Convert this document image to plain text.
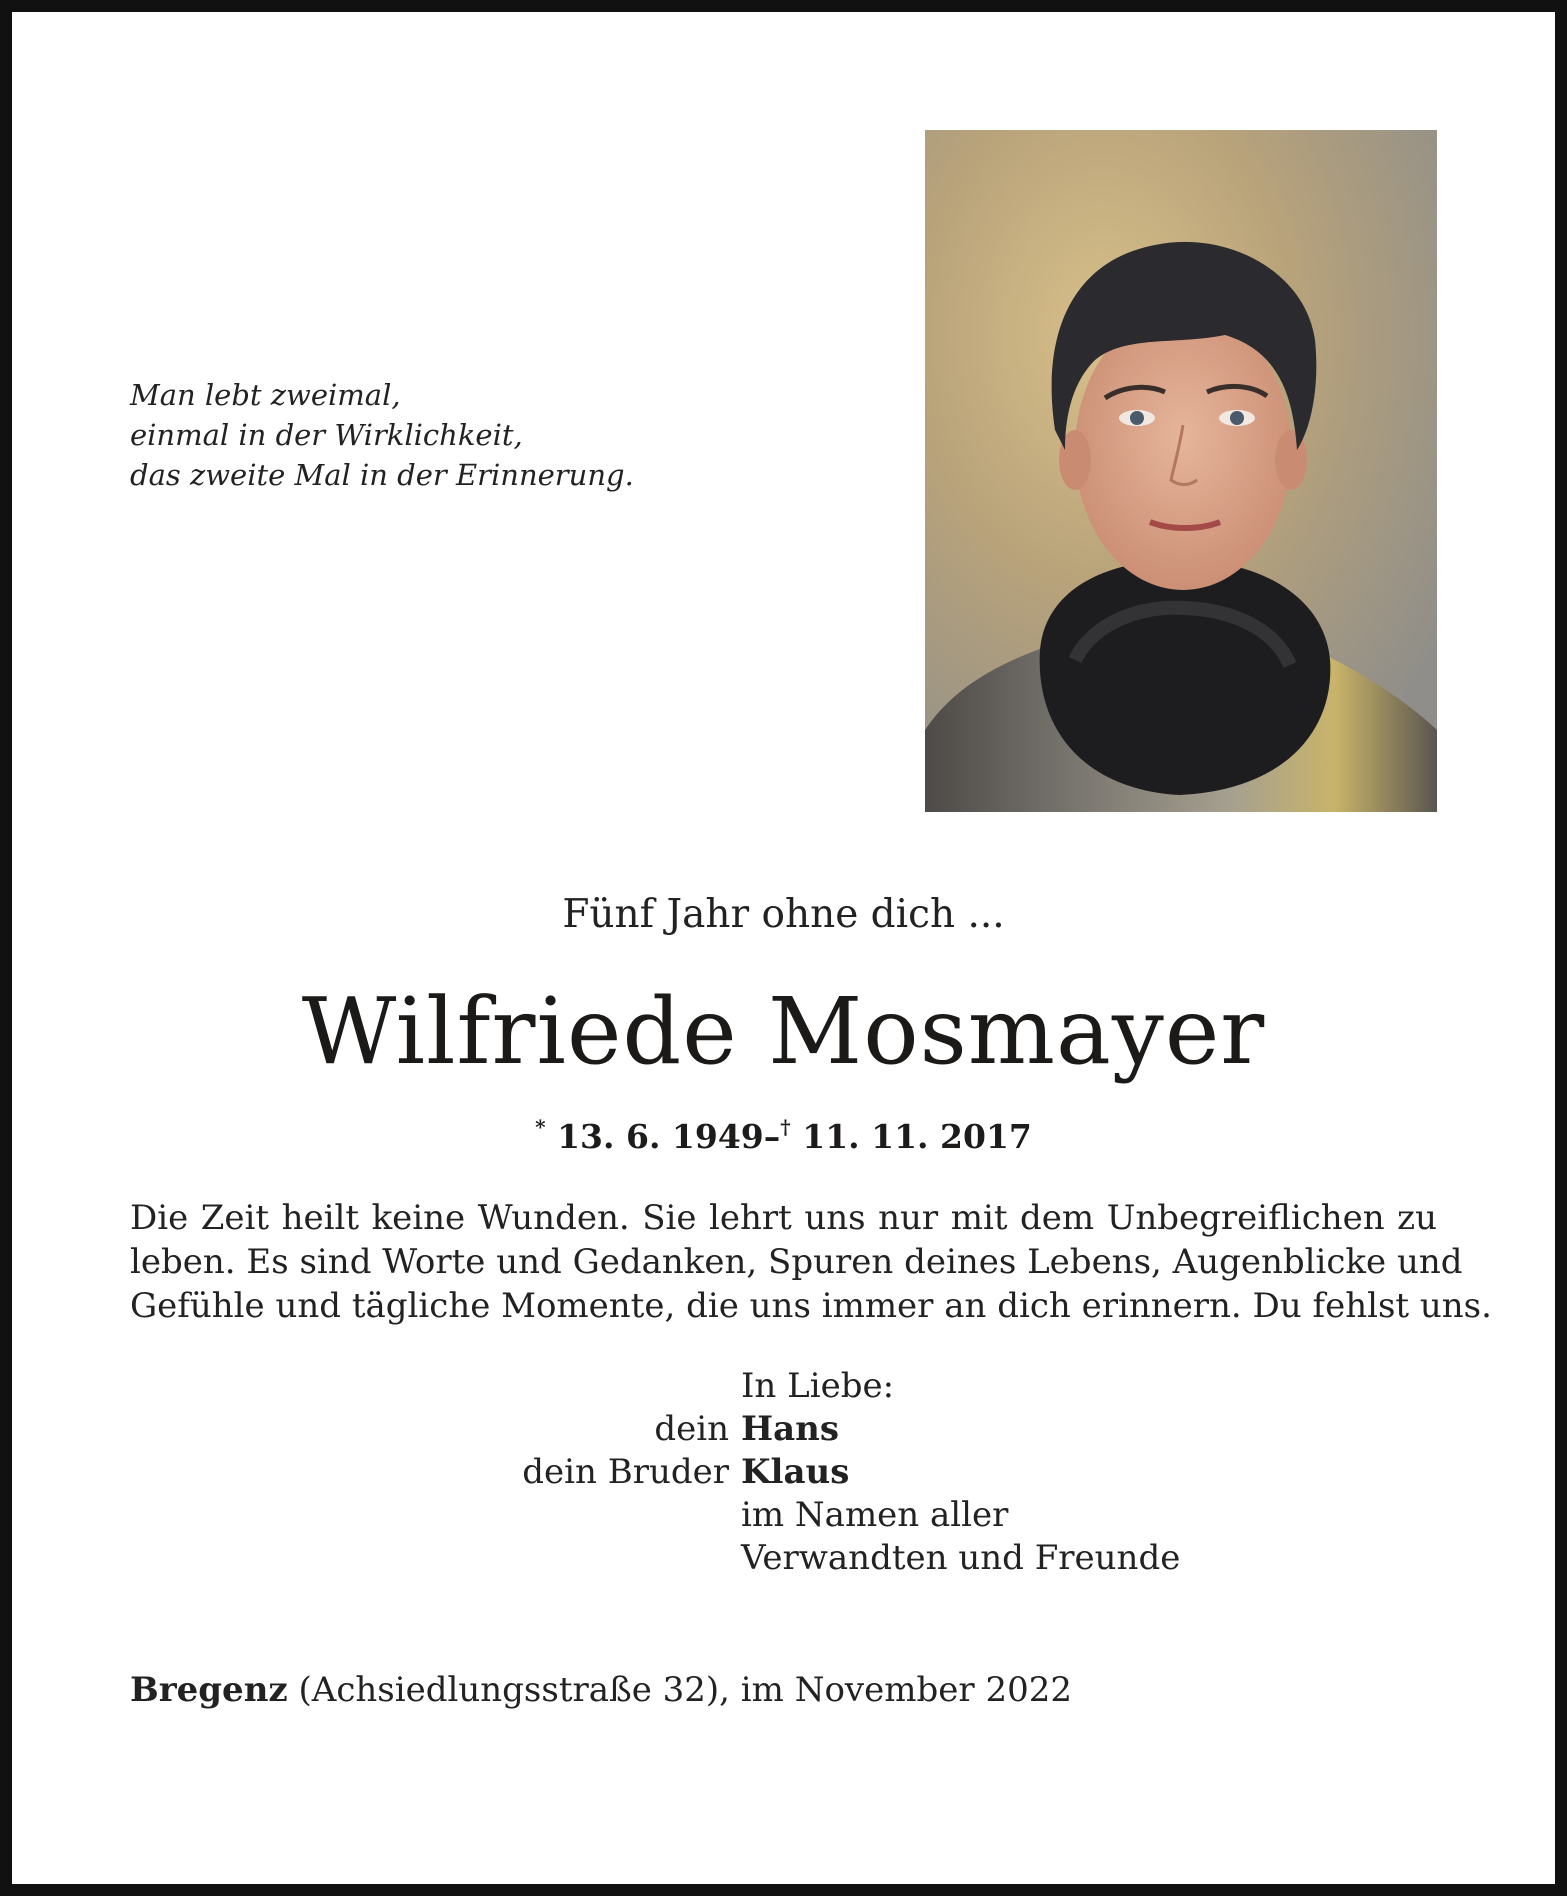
Man lebt zweimal,
einmal in der Wirklichkeit,
das zweite Mal in der Erinnerung.
Fünf Jahr ohne dich ...
Wilfriede Mosmayer
* 13. 6. 1949–† 11. 11. 2017
Die Zeit heilt keine Wunden. Sie lehrt uns nur mit dem Unbegreiflichen zu
leben. Es sind Worte und Gedanken, Spuren deines Lebens, Augenblicke und
Gefühle und tägliche Momente, die uns immer an dich erinnern. Du fehlst uns.
In Liebe:
dein Hans
dein Bruder Klaus
im Namen aller
Verwandten und Freunde
Bregenz (Achsiedlungsstraße 32), im November 2022
